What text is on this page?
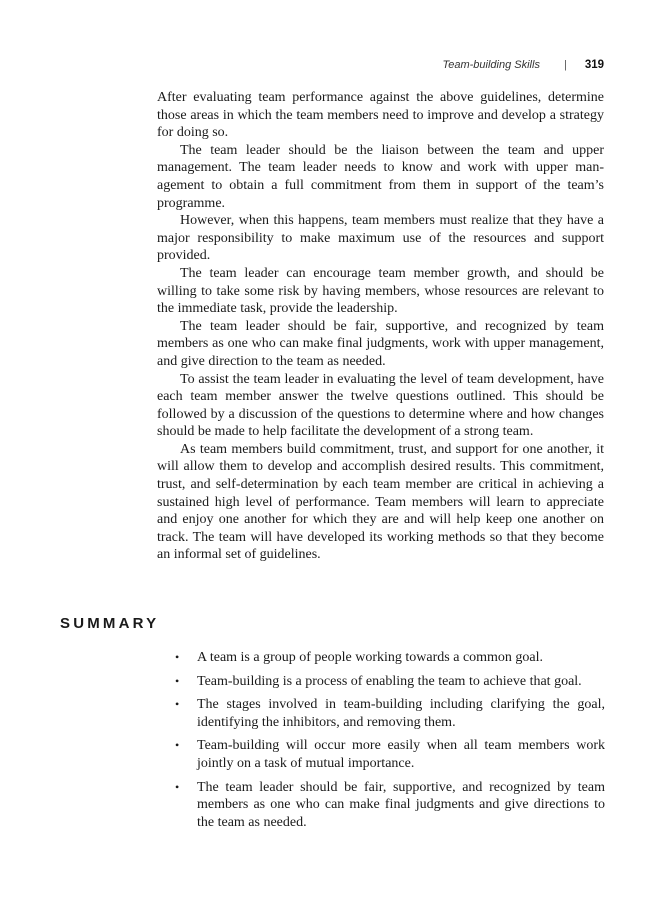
Team-building Skills | 319

After evaluating team performance against the above guidelines, determine those areas in which the team members need to improve and develop a strategy for doing so.

The team leader should be the liaison between the team and upper management. The team leader needs to know and work with upper management to obtain a full commitment from them in support of the team’s programme.

However, when this happens, team members must realize that they have a major responsibility to make maximum use of the resources and support provided.

The team leader can encourage team member growth, and should be willing to take some risk by having members, whose resources are relevant to the immediate task, provide the leadership.

The team leader should be fair, supportive, and recognized by team members as one who can make final judgments, work with upper management, and give direction to the team as needed.

To assist the team leader in evaluating the level of team development, have each team member answer the twelve questions outlined. This should be followed by a discussion of the questions to determine where and how changes should be made to help facilitate the development of a strong team.

As team members build commitment, trust, and support for one another, it will allow them to develop and accomplish desired results. This commitment, trust, and self-determination by each team member are critical in achieving a sustained high level of performance. Team members will learn to appreciate and enjoy one another for which they are and will help keep one another on track. The team will have developed its working methods so that they become an informal set of guidelines.

SUMMARY
• A team is a group of people working towards a common goal.
• Team-building is a process of enabling the team to achieve that goal.
• The stages involved in team-building including clarifying the goal, identifying the inhibitors, and removing them.
• Team-building will occur more easily when all team members work jointly on a task of mutual importance.
• The team leader should be fair, supportive, and recognized by team members as one who can make final judgments and give directions to the team as needed.
